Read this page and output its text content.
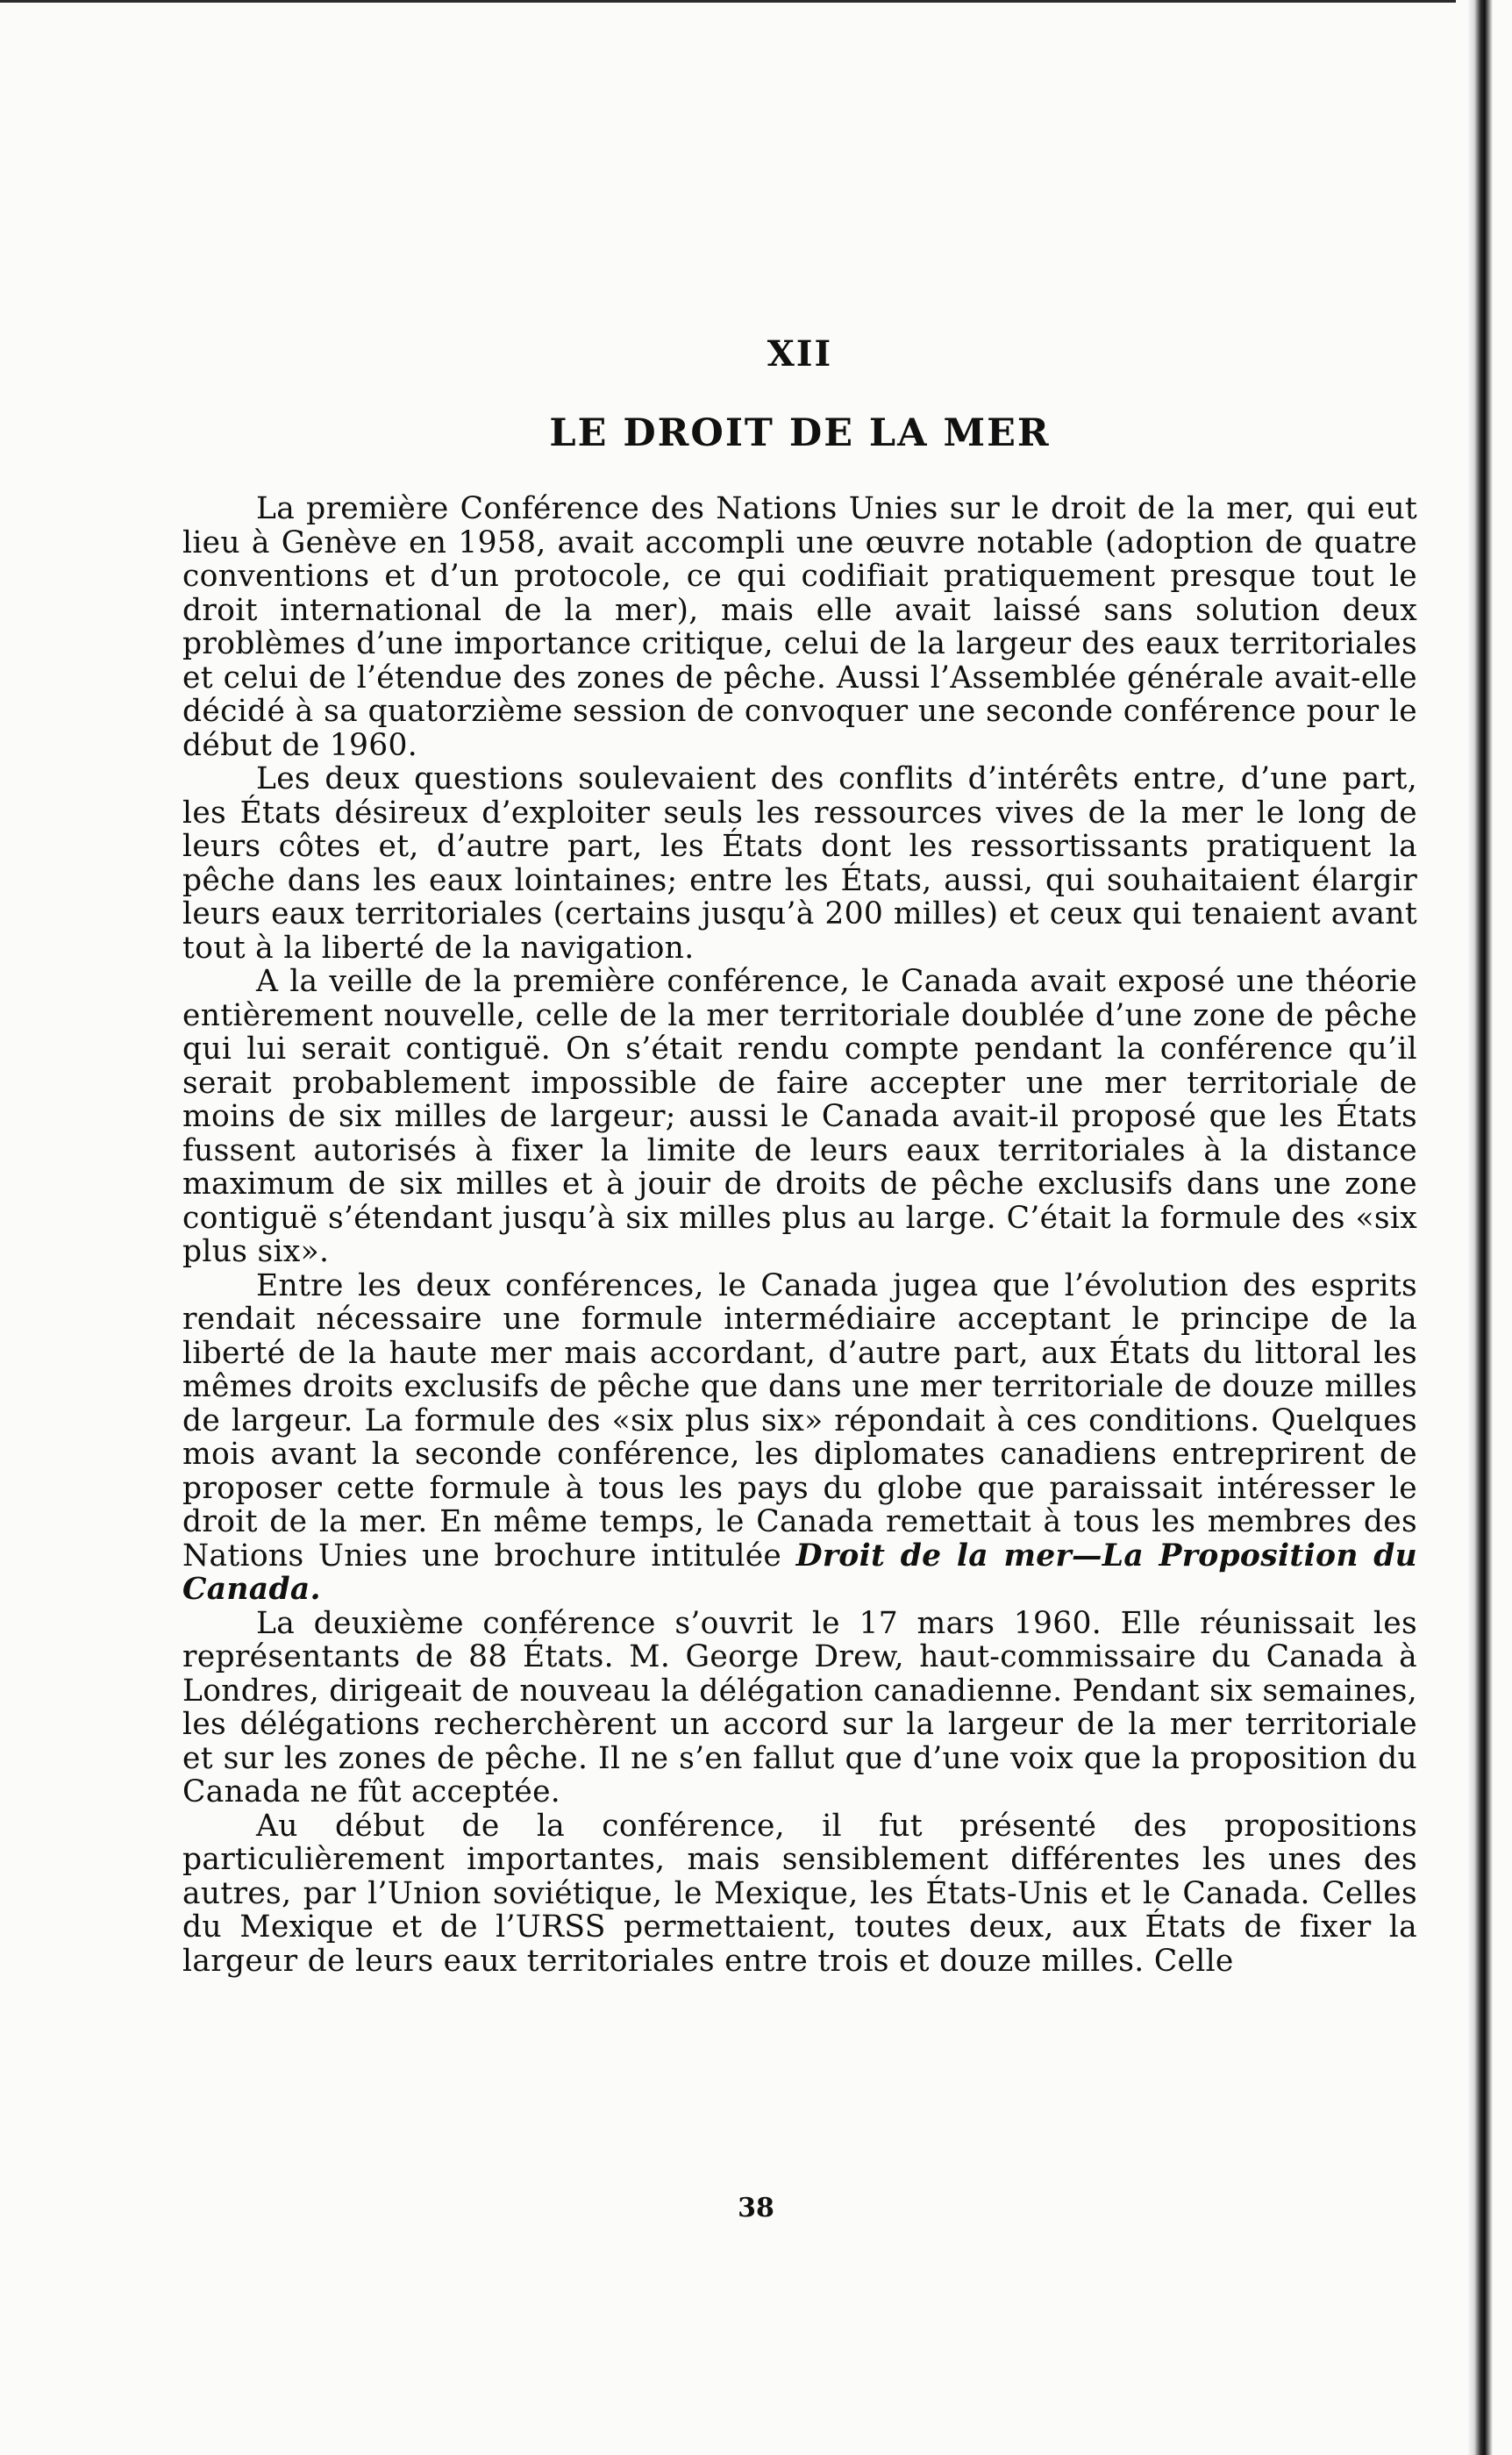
XII
LE DROIT DE LA MER

La première Conférence des Nations Unies sur le droit de la mer, qui eut lieu à Genève en 1958, avait accompli une œuvre notable (adoption de quatre conventions et d’un protocole, ce qui codifiait pratiquement presque tout le droit international de la mer), mais elle avait laissé sans solution deux problèmes d’une importance critique, celui de la largeur des eaux territoriales et celui de l’étendue des zones de pêche. Aussi l’Assemblée générale avait-elle décidé à sa quatorzième session de convoquer une seconde conférence pour le début de 1960.

Les deux questions soulevaient des conflits d’intérêts entre, d’une part, les États désireux d’exploiter seuls les ressources vives de la mer le long de leurs côtes et, d’autre part, les États dont les ressortissants pratiquent la pêche dans les eaux lointaines; entre les États, aussi, qui souhaitaient élargir leurs eaux territoriales (certains jusqu’à 200 milles) et ceux qui tenaient avant tout à la liberté de la navigation.

A la veille de la première conférence, le Canada avait exposé une théorie entièrement nouvelle, celle de la mer territoriale doublée d’une zone de pêche qui lui serait contiguë. On s’était rendu compte pendant la conférence qu’il serait probablement impossible de faire accepter une mer territoriale de moins de six milles de largeur; aussi le Canada avait-il proposé que les États fussent autorisés à fixer la limite de leurs eaux territoriales à la distance maximum de six milles et à jouir de droits de pêche exclusifs dans une zone contiguë s’étendant jusqu’à six milles plus au large. C’était la formule des «six plus six».

Entre les deux conférences, le Canada jugea que l’évolution des esprits rendait nécessaire une formule intermédiaire acceptant le principe de la liberté de la haute mer mais accordant, d’autre part, aux États du littoral les mêmes droits exclusifs de pêche que dans une mer territoriale de douze milles de largeur. La formule des «six plus six» répondait à ces conditions. Quelques mois avant la seconde conférence, les diplomates canadiens entreprirent de proposer cette formule à tous les pays du globe que paraissait intéresser le droit de la mer. En même temps, le Canada remettait à tous les membres des Nations Unies une brochure intitulée Droit de la mer—La Proposition du Canada.

La deuxième conférence s’ouvrit le 17 mars 1960. Elle réunissait les représentants de 88 États. M. George Drew, haut-commissaire du Canada à Londres, dirigeait de nouveau la délégation canadienne. Pendant six semaines, les délégations recherchèrent un accord sur la largeur de la mer territoriale et sur les zones de pêche. Il ne s’en fallut que d’une voix que la proposition du Canada ne fût acceptée.

Au début de la conférence, il fut présenté des propositions particulièrement importantes, mais sensiblement différentes les unes des autres, par l’Union soviétique, le Mexique, les États-Unis et le Canada. Celles du Mexique et de l’URSS permettaient, toutes deux, aux États de fixer la largeur de leurs eaux territoriales entre trois et douze milles. Celle

38
